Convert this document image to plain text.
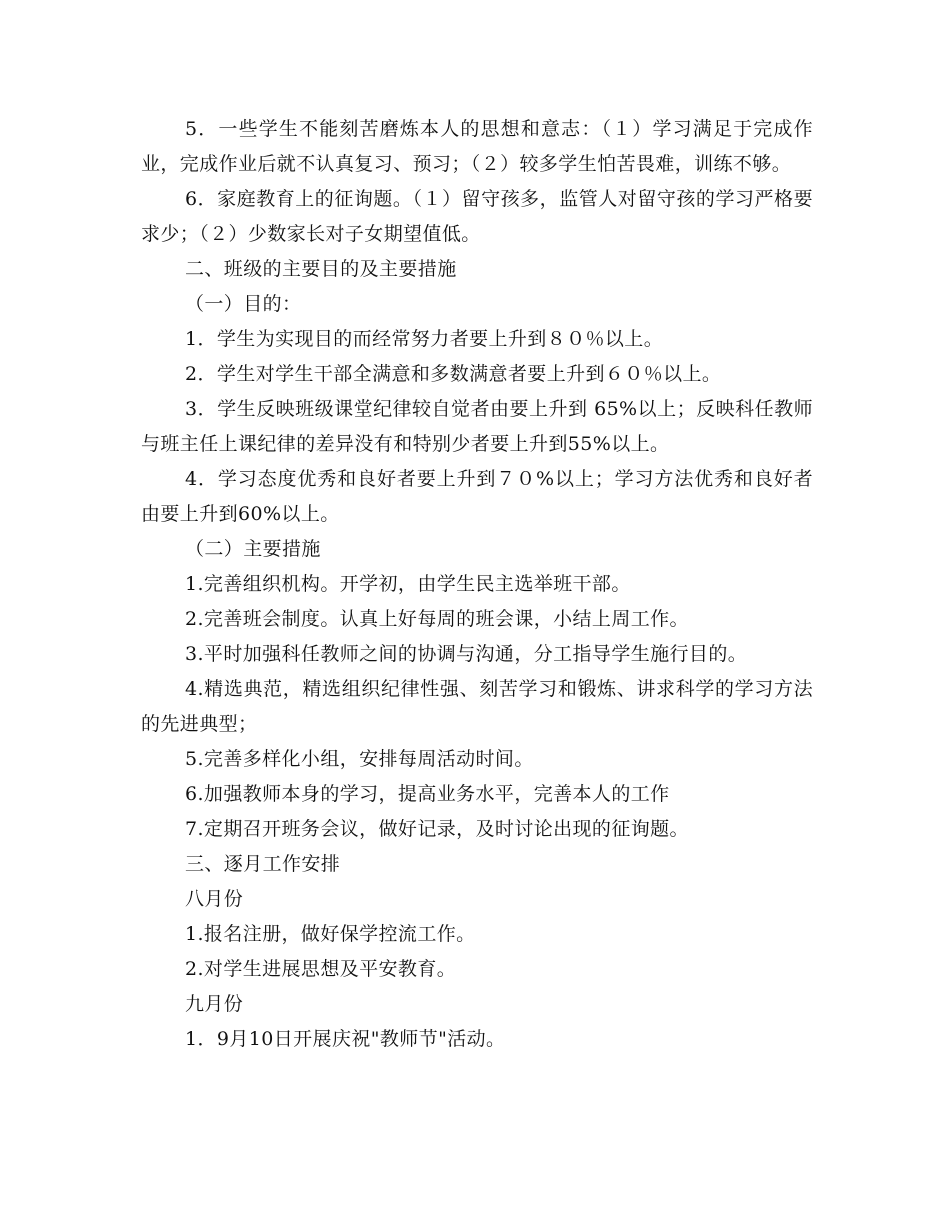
5．一些学生不能刻苦磨炼本人的思想和意志：（１）学习满足于完成作业，完成作业后就不认真复习、预习；（２）较多学生怕苦畏难，训练不够。

6．家庭教育上的征询题。（１）留守孩多，监管人对留守孩的学习严格要求少；（２）少数家长对子女期望值低。

二、班级的主要目的及主要措施

（一）目的：

1．学生为实现目的而经常努力者要上升到８０％以上。

2．学生对学生干部全满意和多数满意者要上升到６０％以上。

3．学生反映班级课堂纪律较自觉者由要上升到 65%以上；反映科任教师与班主任上课纪律的差异没有和特别少者要上升到55%以上。

4．学习态度优秀和良好者要上升到７０%以上；学习方法优秀和良好者由要上升到60%以上。

（二）主要措施

1.完善组织机构。开学初，由学生民主选举班干部。

2.完善班会制度。认真上好每周的班会课，小结上周工作。

3.平时加强科任教师之间的协调与沟通，分工指导学生施行目的。

4.精选典范，精选组织纪律性强、刻苦学习和锻炼、讲求科学的学习方法的先进典型；

5.完善多样化小组，安排每周活动时间。

6.加强教师本身的学习，提高业务水平，完善本人的工作

7.定期召开班务会议，做好记录，及时讨论出现的征询题。

三、逐月工作安排

八月份

1.报名注册，做好保学控流工作。

2.对学生进展思想及平安教育。

九月份

1．9月10日开展庆祝"教师节"活动。
